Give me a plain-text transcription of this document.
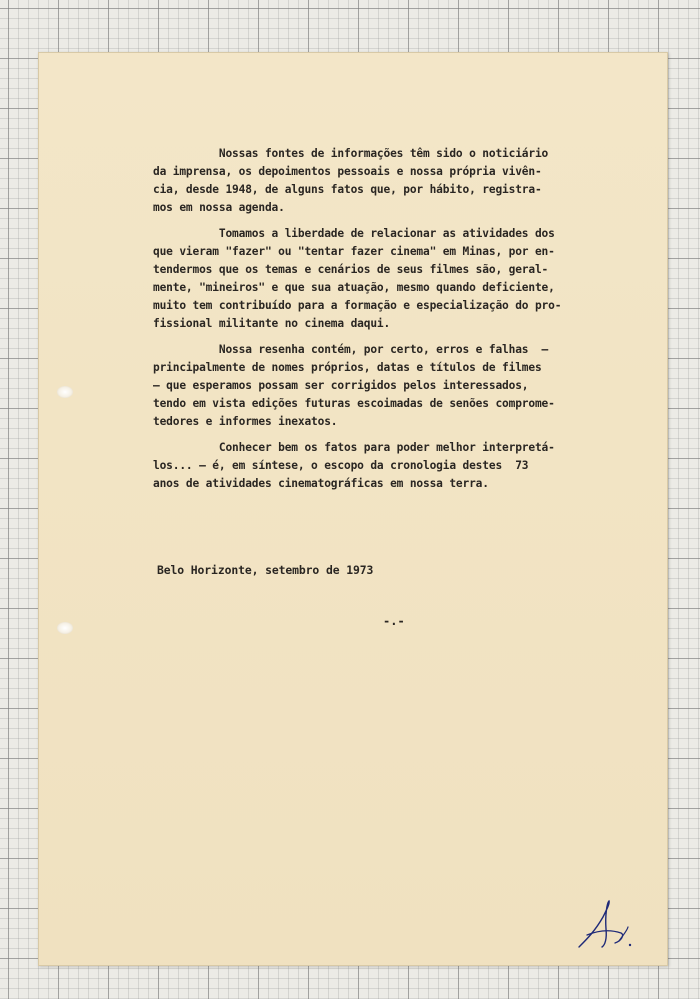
Nossas fontes de informações têm sido o noticiário
da imprensa, os depoimentos pessoais e nossa própria vivên-
cia, desde 1948, de alguns fatos que, por hábito, registra-
mos em nossa agenda.

Tomamos a liberdade de relacionar as atividades dos
que vieram "fazer" ou "tentar fazer cinema" em Minas, por en-
tendermos que os temas e cenários de seus filmes são, geral-
mente, "mineiros" e que sua atuação, mesmo quando deficiente,
muito tem contribuído para a formação e especialização do pro-
fissional militante no cinema daqui.

Nossa resenha contém, por certo, erros e falhas  —
principalmente de nomes próprios, datas e títulos de filmes
— que esperamos possam ser corrigidos pelos interessados,
tendo em vista edições futuras escoimadas de senões comprome-
tedores e informes inexatos.

Conhecer bem os fatos para poder melhor interpretá-
los... — é, em síntese, o escopo da cronologia destes  73
anos de atividades cinematográficas em nossa terra.

Belo Horizonte, setembro de 1973
-.-
